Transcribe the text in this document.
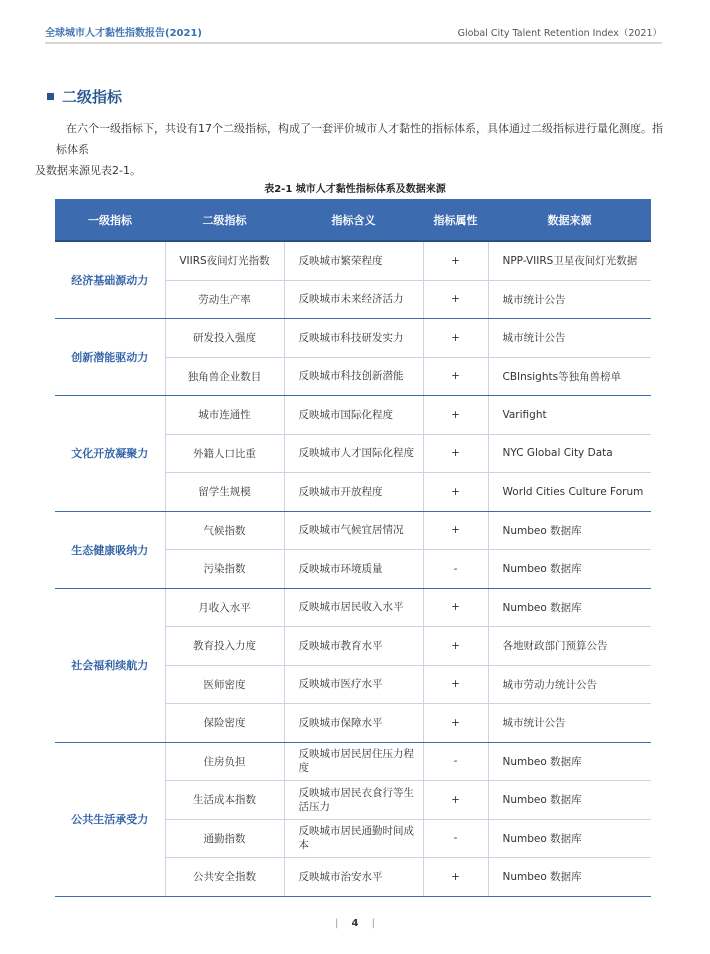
全球城市人才黏性指数报告(2021)	Global City Talent Retention Index（2021）
二级指标
在六个一级指标下，共设有17个二级指标，构成了一套评价城市人才黏性的指标体系，具体通过二级指标进行量化测度。指标体系
及数据来源见表2-1。
表2-1 城市人才黏性指标体系及数据来源
一级指标	二级指标	指标含义	指标属性	数据来源
经济基础源动力	VIIRS夜间灯光指数	反映城市繁荣程度	+	NPP-VIIRS卫星夜间灯光数据
	劳动生产率	反映城市未来经济活力	+	城市统计公告
创新潜能驱动力	研发投入强度	反映城市科技研发实力	+	城市统计公告
	独角兽企业数目	反映城市科技创新潜能	+	CBInsights等独角兽榜单
文化开放凝聚力	城市连通性	反映城市国际化程度	+	Varifight
	外籍人口比重	反映城市人才国际化程度	+	NYC Global City Data
	留学生规模	反映城市开放程度	+	World Cities Culture Forum
生态健康吸纳力	气候指数	反映城市气候宜居情况	+	Numbeo 数据库
	污染指数	反映城市环境质量	-	Numbeo 数据库
社会福利续航力	月收入水平	反映城市居民收入水平	+	Numbeo 数据库
	教育投入力度	反映城市教育水平	+	各地财政部门预算公告
	医师密度	反映城市医疗水平	+	城市劳动力统计公告
	保险密度	反映城市保障水平	+	城市统计公告
公共生活承受力	住房负担	反映城市居民居住压力程度	-	Numbeo 数据库
	生活成本指数	反映城市居民衣食行等生活压力	+	Numbeo 数据库
	通勤指数	反映城市居民通勤时间成本	-	Numbeo 数据库
	公共安全指数	反映城市治安水平	+	Numbeo 数据库
| 4 |
